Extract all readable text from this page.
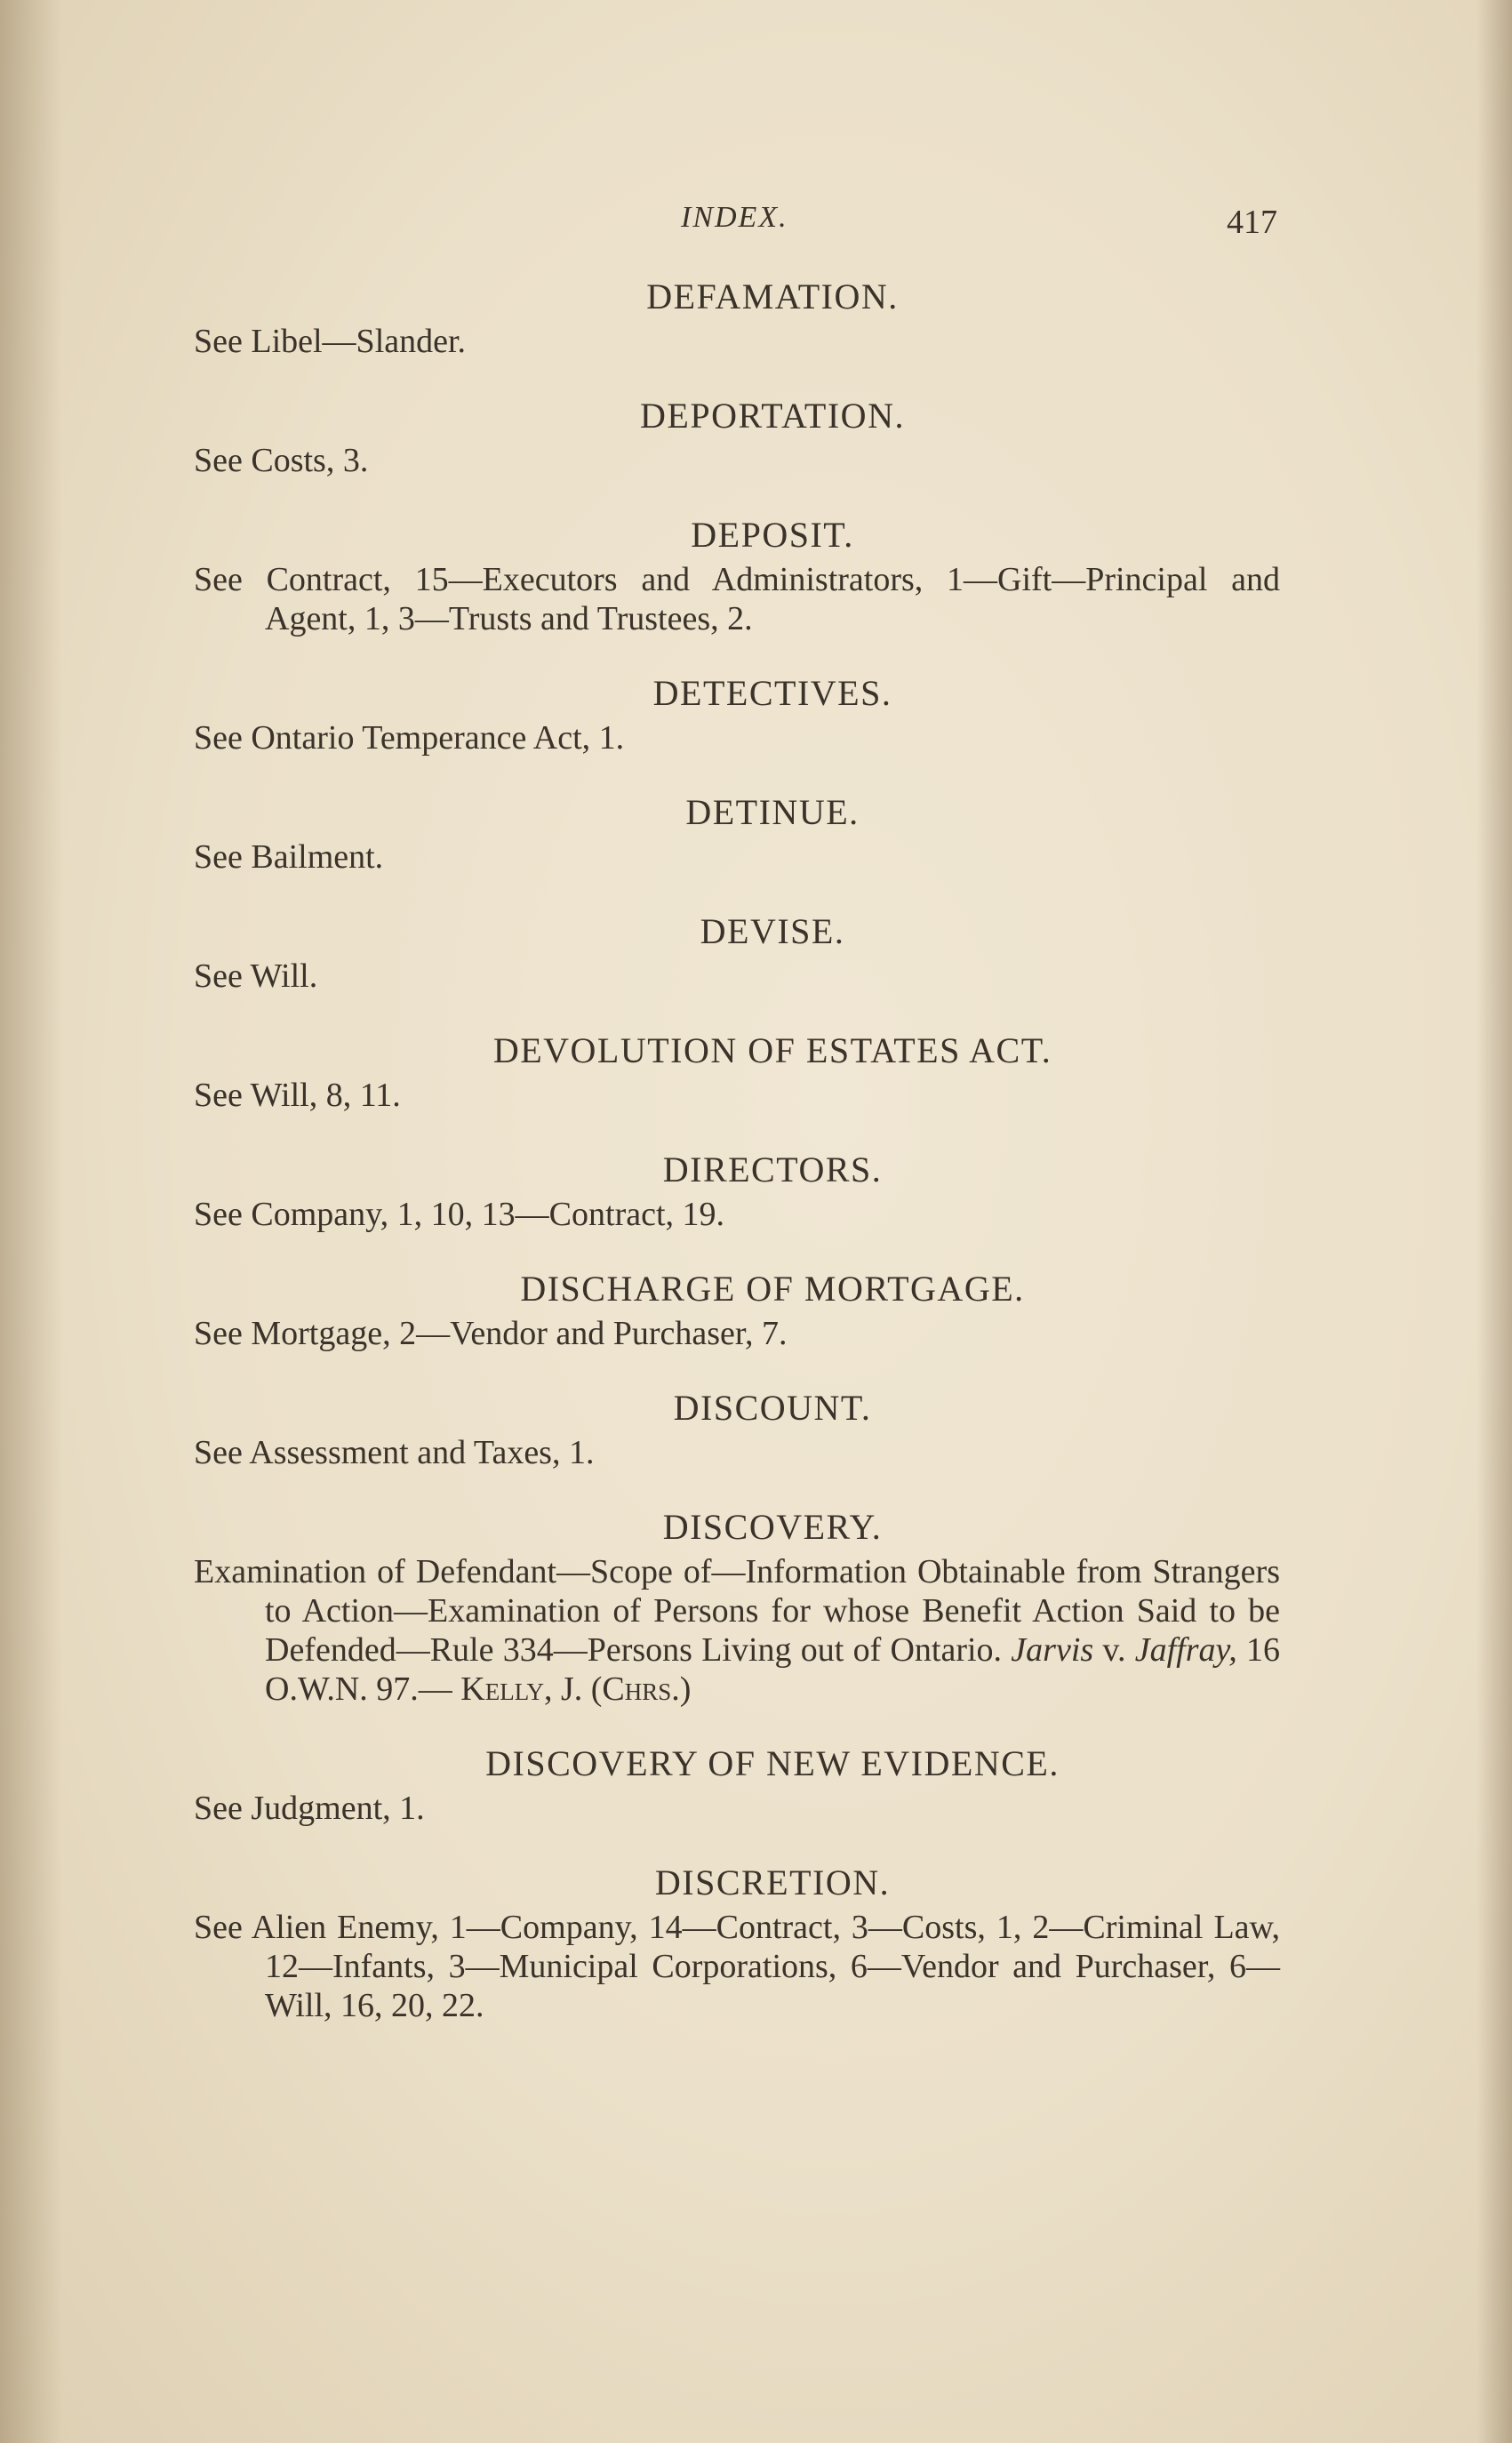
INDEX.	417

DEFAMATION.

See Libel—Slander.

DEPORTATION.

See Costs, 3.

DEPOSIT.

See Contract, 15—Executors and Administrators, 1—Gift—Principal and Agent, 1, 3—Trusts and Trustees, 2.

DETECTIVES.

See Ontario Temperance Act, 1.

DETINUE.

See Bailment.

DEVISE.

See Will.

DEVOLUTION OF ESTATES ACT.

See Will, 8, 11.

DIRECTORS.

See Company, 1, 10, 13—Contract, 19.

DISCHARGE OF MORTGAGE.

See Mortgage, 2—Vendor and Purchaser, 7.

DISCOUNT.

See Assessment and Taxes, 1.

DISCOVERY.

Examination of Defendant—Scope of—Information Obtainable from Strangers to Action—Examination of Persons for whose Benefit Action Said to be Defended—Rule 334—Persons Living out of Ontario. Jarvis v. Jaffray, 16 O.W.N. 97.— Kelly, J. (Chrs.)

DISCOVERY OF NEW EVIDENCE.

See Judgment, 1.

DISCRETION.

See Alien Enemy, 1—Company, 14—Contract, 3—Costs, 1, 2—Criminal Law, 12—Infants, 3—Municipal Corporations, 6—Vendor and Purchaser, 6—Will, 16, 20, 22.
